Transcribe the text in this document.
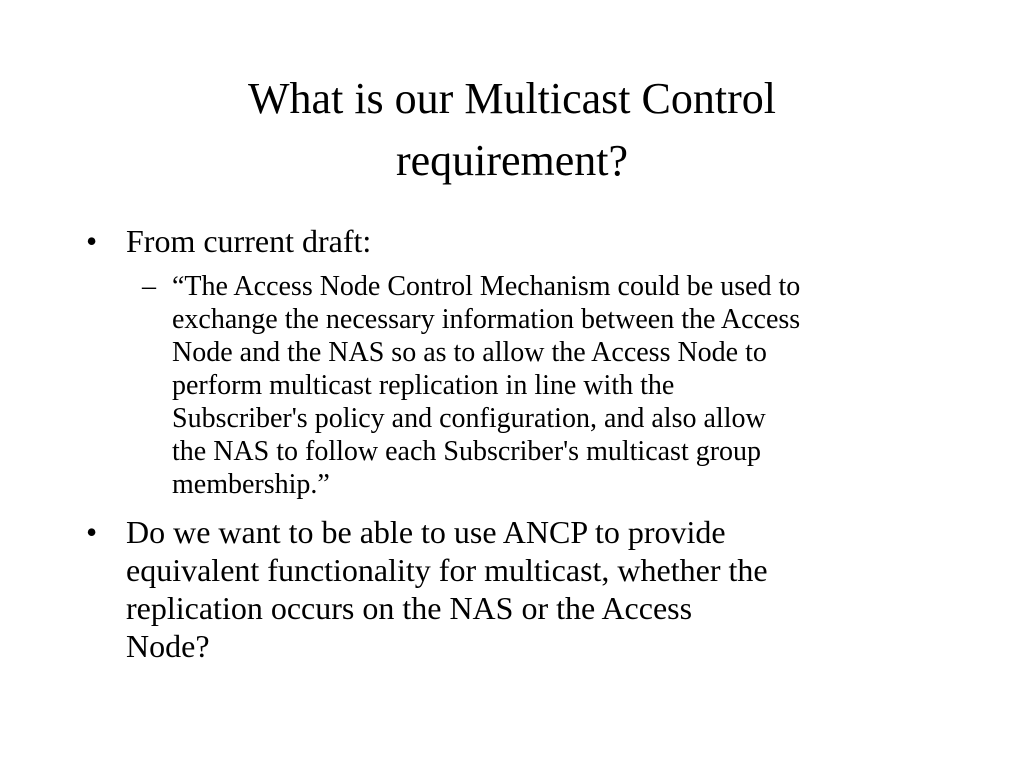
What is our Multicast Control
requirement?
• From current draft:
– “The Access Node Control Mechanism could be used to
exchange the necessary information between the Access
Node and the NAS so as to allow the Access Node to
perform multicast replication in line with the
Subscriber's policy and configuration, and also allow
the NAS to follow each Subscriber's multicast group
membership.”
• Do we want to be able to use ANCP to provide
equivalent functionality for multicast, whether the
replication occurs on the NAS or the Access
Node?
